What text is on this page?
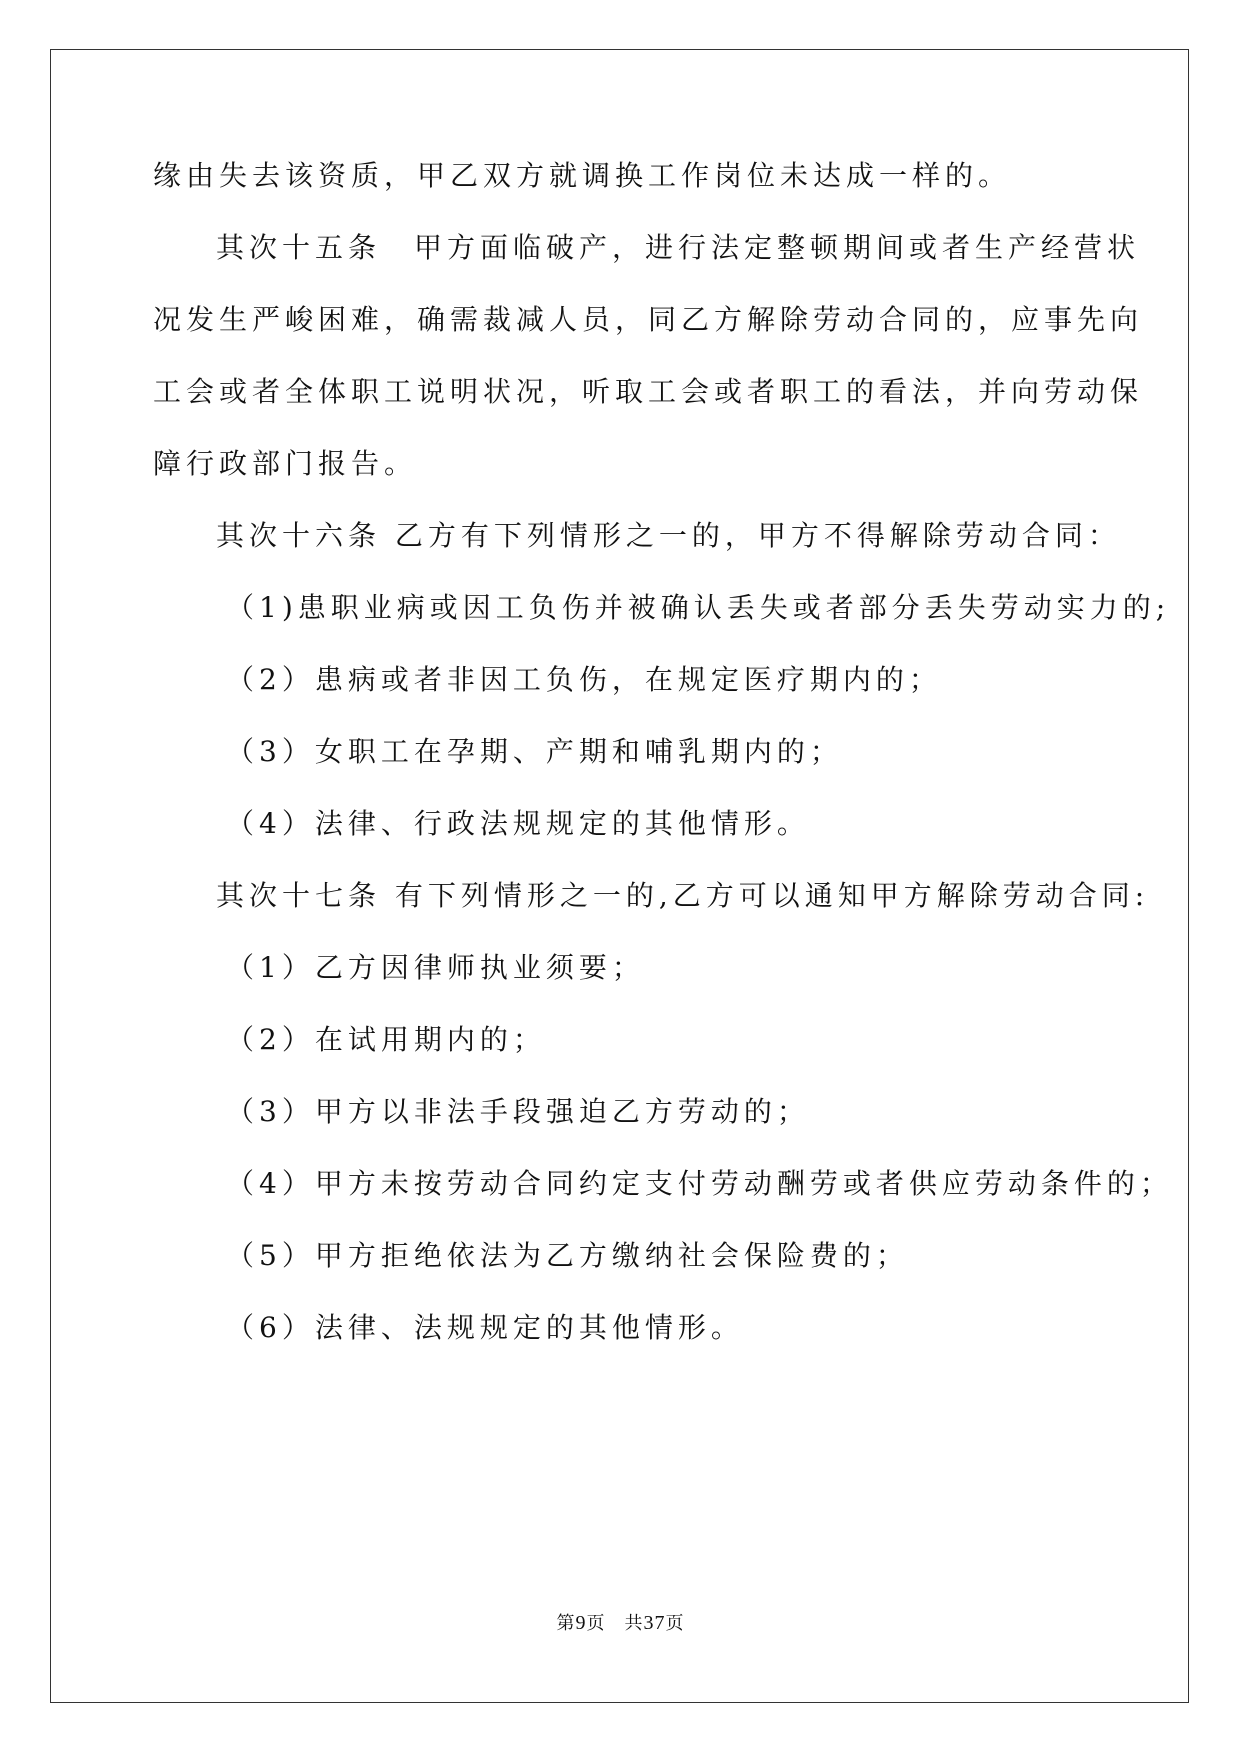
缘由失去该资质，甲乙双方就调换工作岗位未达成一样的。
其次十五条　甲方面临破产，进行法定整顿期间或者生产经营状
况发生严峻困难，确需裁减人员，同乙方解除劳动合同的，应事先向
工会或者全体职工说明状况，听取工会或者职工的看法，并向劳动保
障行政部门报告。
其次十六条 乙方有下列情形之一的，甲方不得解除劳动合同：
（1)患职业病或因工负伤并被确认丢失或者部分丢失劳动实力的;
（2）患病或者非因工负伤，在规定医疗期内的；
（3）女职工在孕期、产期和哺乳期内的；
（4）法律、行政法规规定的其他情形。
其次十七条 有下列情形之一的,乙方可以通知甲方解除劳动合同:
（1）乙方因律师执业须要；
（2）在试用期内的；
（3）甲方以非法手段强迫乙方劳动的；
（4）甲方未按劳动合同约定支付劳动酬劳或者供应劳动条件的；
（5）甲方拒绝依法为乙方缴纳社会保险费的；
（6）法律、法规规定的其他情形。
第9页　共37页
